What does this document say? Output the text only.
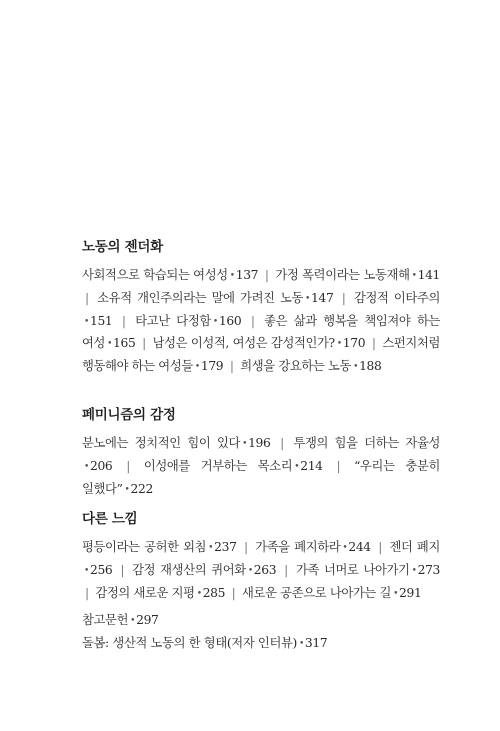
노동의 젠더화

사회적으로 학습되는 여성성 •137 | 가정 폭력이라는 노동재해 •141 | 소유적 개인주의라는 말에 가려진 노동 •147 | 감정적 이타주의•151 | 타고난 다정함 •160 | 좋은 삶과 행복을 책임져야 하는 여성 •165 | 남성은 이성적, 여성은 감성적인가? •170 | 스펀지처럼 행동해야 하는 여성들 •179 | 희생을 강요하는 노동 •188

페미니즘의 감정

분노에는 정치적인 힘이 있다 •196 | 투쟁의 힘을 더하는 자율성•206 | 이성애를 거부하는 목소리 •214 | “우리는 충분히 일했다” •222

다른 느낌

평등이라는 공허한 외침 •237 | 가족을 폐지하라 •244 | 젠더 폐지•256 | 감정 재생산의 퀴어화 •263 | 가족 너머로 나아가기 •273 | 감정의 새로운 지평 •285 | 새로운 공존으로 나아가는 길 •291

참고문헌 •297

돌봄: 생산적 노동의 한 형태(저자 인터뷰) •317
